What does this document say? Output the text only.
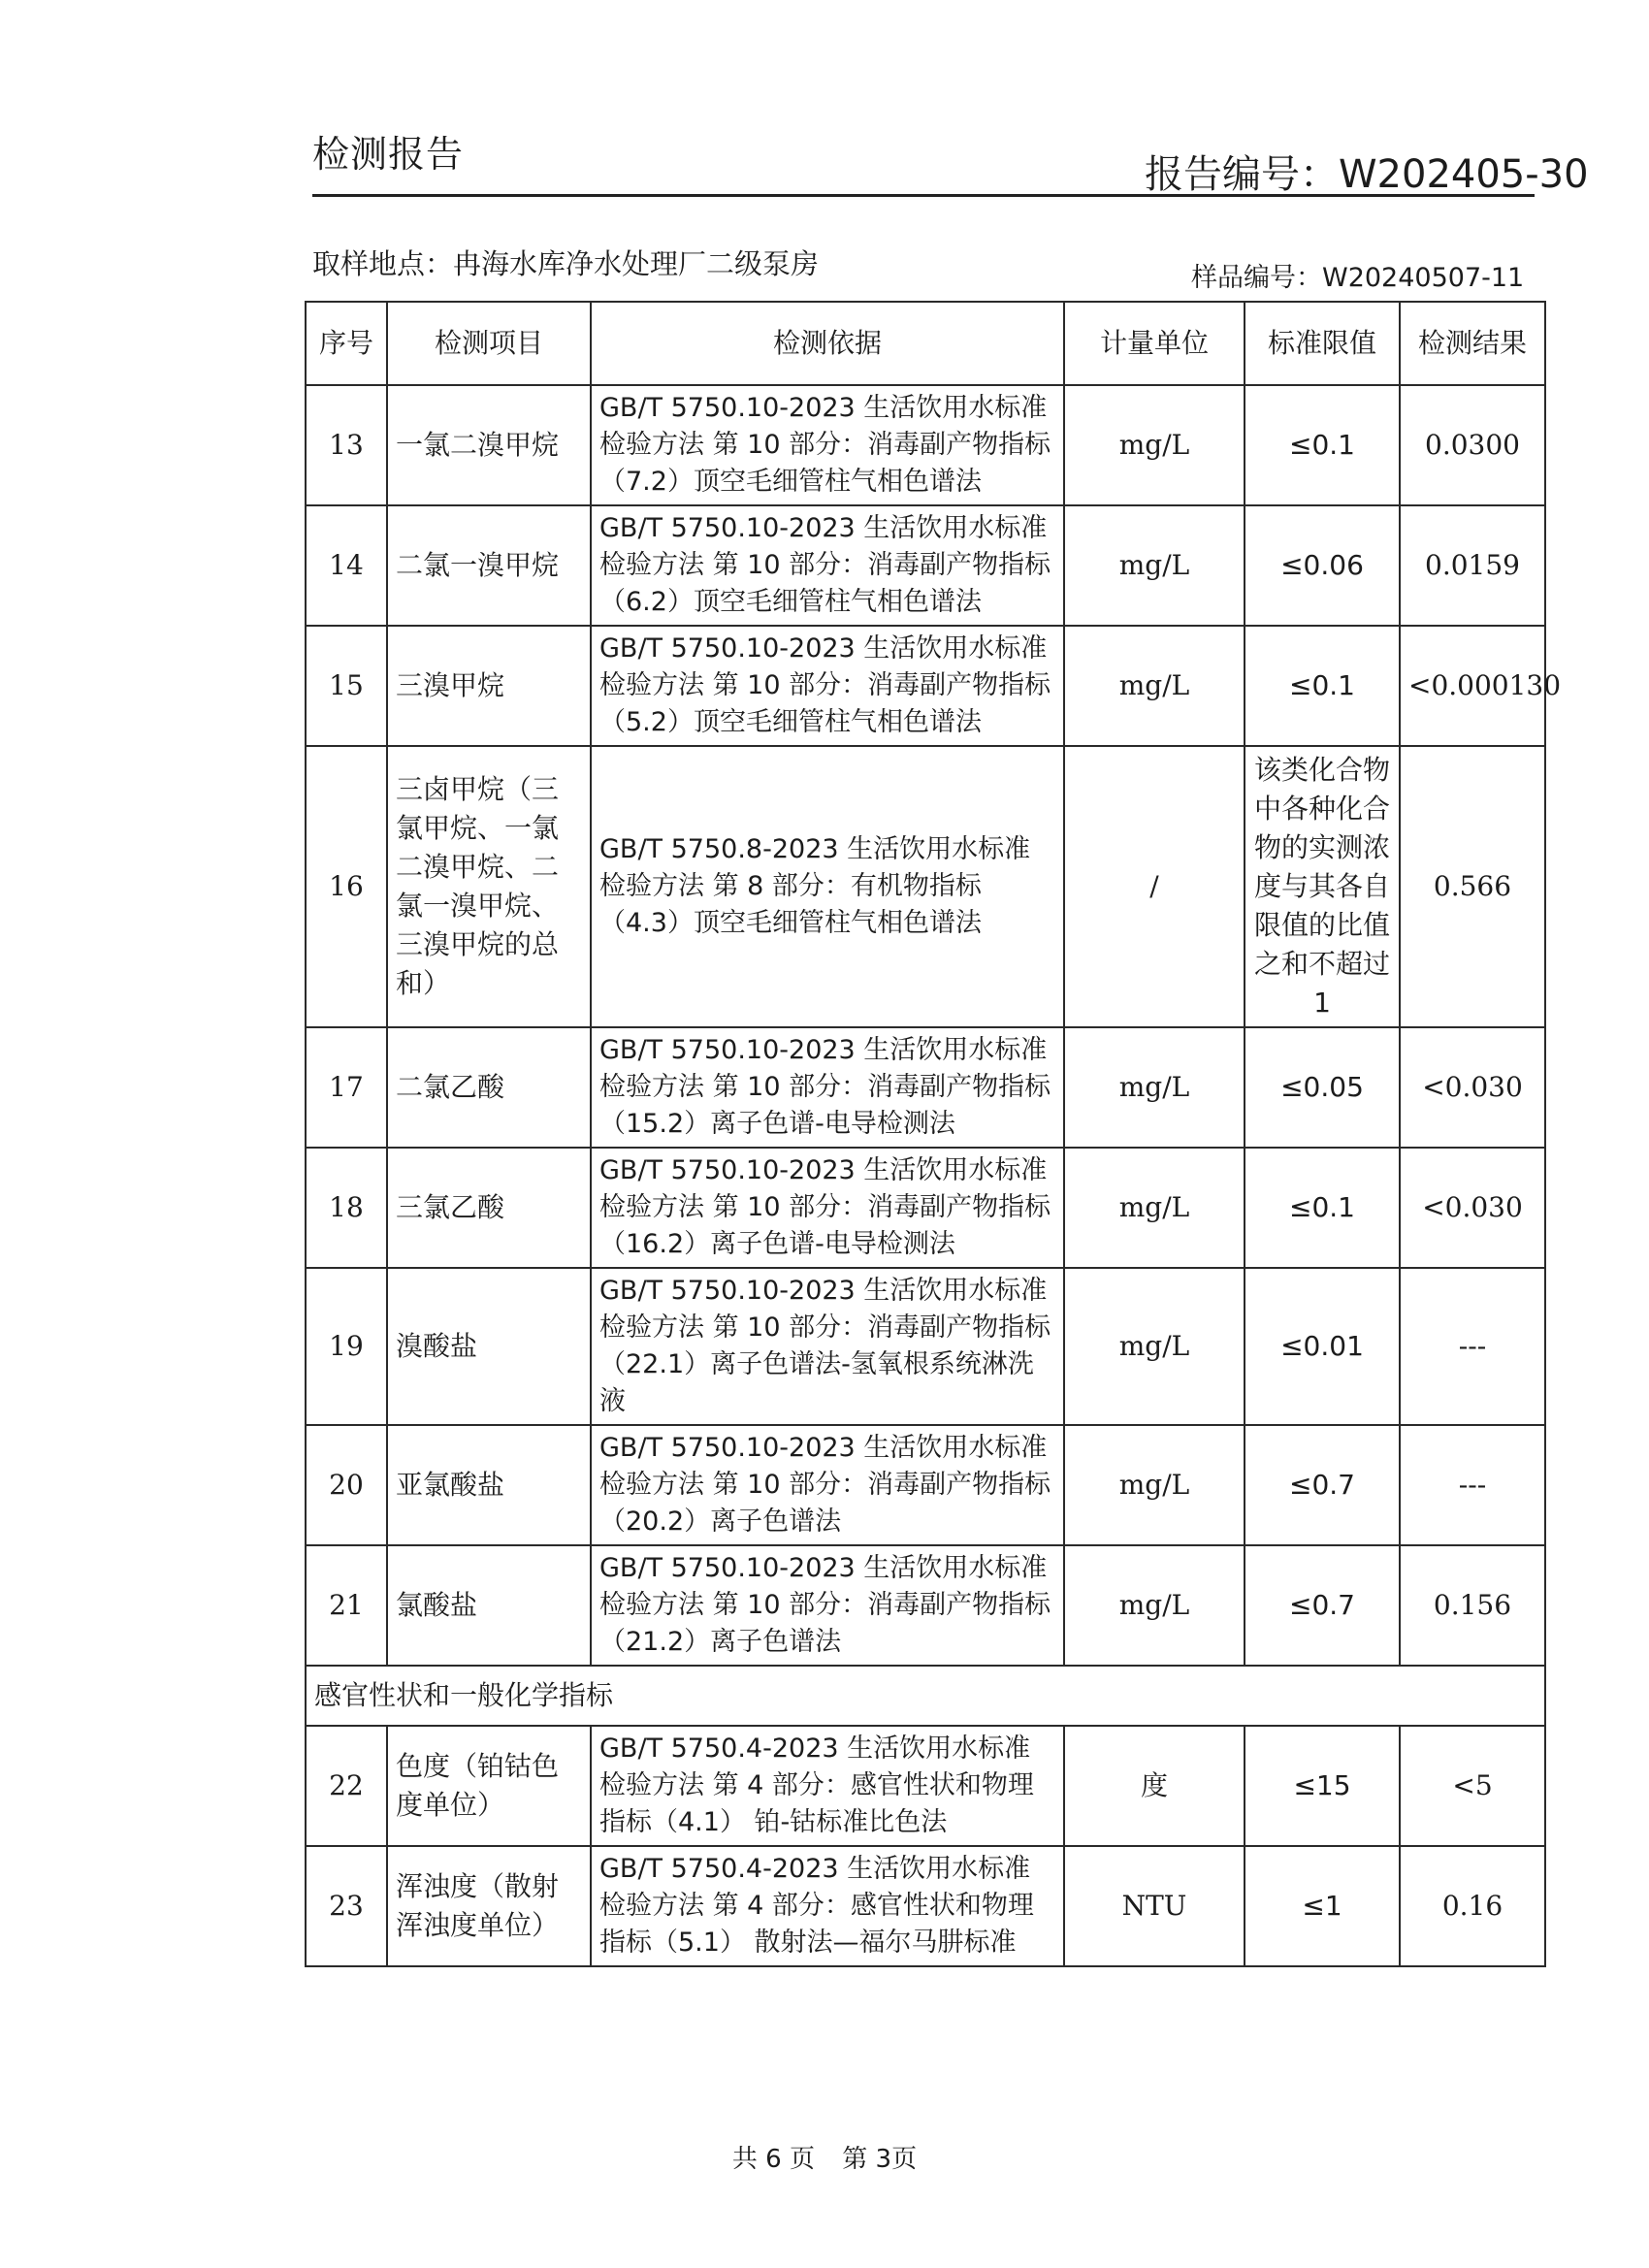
检测报告	报告编号：W202405-30
取样地点：冉海水库净水处理厂二级泵房	样品编号：W20240507-11
序号	检测项目	检测依据	计量单位	标准限值	检测结果
13	一氯二溴甲烷	GB/T 5750.10-2023 生活饮用水标准检验方法 第 10 部分：消毒副产物指标（7.2）顶空毛细管柱气相色谱法	mg/L	≤0.1	0.0300
14	二氯一溴甲烷	GB/T 5750.10-2023 生活饮用水标准检验方法 第 10 部分：消毒副产物指标（6.2）顶空毛细管柱气相色谱法	mg/L	≤0.06	0.0159
15	三溴甲烷	GB/T 5750.10-2023 生活饮用水标准检验方法 第 10 部分：消毒副产物指标（5.2）顶空毛细管柱气相色谱法	mg/L	≤0.1	<0.000130
16	三卤甲烷（三氯甲烷、一氯二溴甲烷、二氯一溴甲烷、三溴甲烷的总和）	GB/T 5750.8-2023 生活饮用水标准检验方法 第 8 部分：有机物指标（4.3）顶空毛细管柱气相色谱法	/	该类化合物中各种化合物的实测浓度与其各自限值的比值之和不超过1	0.566
17	二氯乙酸	GB/T 5750.10-2023 生活饮用水标准检验方法 第 10 部分：消毒副产物指标（15.2）离子色谱-电导检测法	mg/L	≤0.05	<0.030
18	三氯乙酸	GB/T 5750.10-2023 生活饮用水标准检验方法 第 10 部分：消毒副产物指标（16.2）离子色谱-电导检测法	mg/L	≤0.1	<0.030
19	溴酸盐	GB/T 5750.10-2023 生活饮用水标准检验方法 第 10 部分：消毒副产物指标（22.1）离子色谱法-氢氧根系统淋洗液	mg/L	≤0.01	---
20	亚氯酸盐	GB/T 5750.10-2023 生活饮用水标准检验方法 第 10 部分：消毒副产物指标（20.2）离子色谱法	mg/L	≤0.7	---
21	氯酸盐	GB/T 5750.10-2023 生活饮用水标准检验方法 第 10 部分：消毒副产物指标（21.2）离子色谱法	mg/L	≤0.7	0.156
感官性状和一般化学指标					
22	色度（铂钴色度单位）	GB/T 5750.4-2023 生活饮用水标准检验方法 第 4 部分：感官性状和物理指标（4.1） 铂-钴标准比色法	度	≤15	<5
23	浑浊度（散射浑浊度单位）	GB/T 5750.4-2023 生活饮用水标准检验方法 第 4 部分：感官性状和物理指标（5.1） 散射法—福尔马肼标准	NTU	≤1	0.16
共 6 页 第 3页
